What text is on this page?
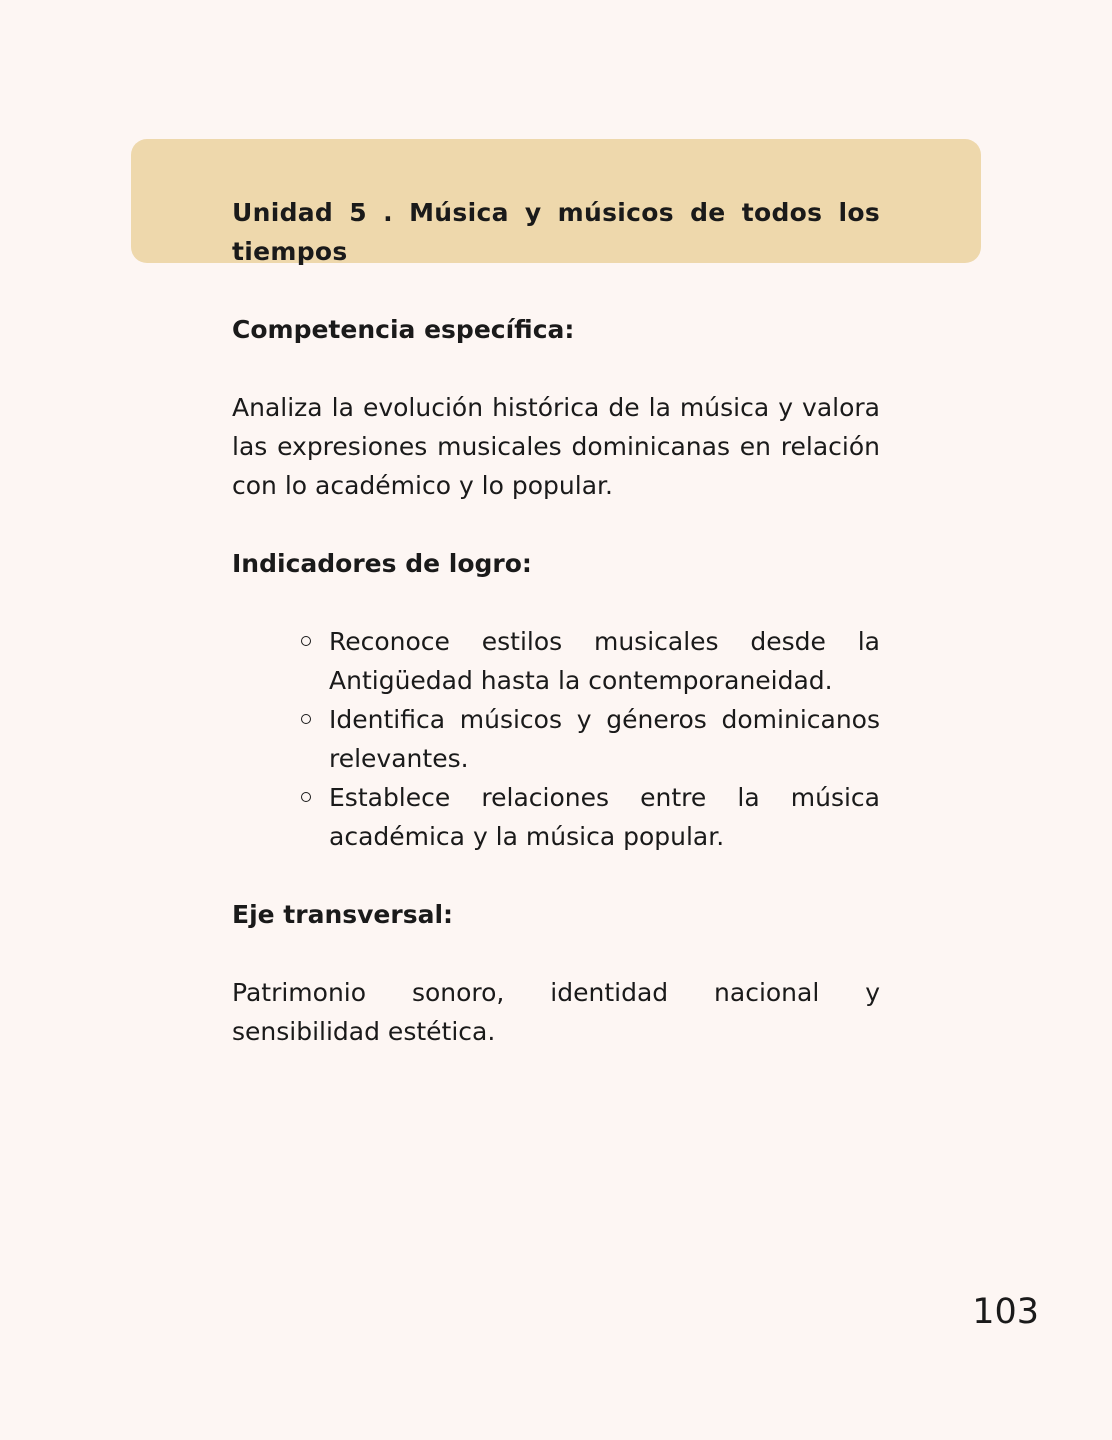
Unidad 5 . Música y músicos de todos los tiempos
Competencia específica:

Analiza la evolución histórica de la música y valora las expresiones musicales dominicanas en relación con lo académico y lo popular.

Indicadores de logro:
Reconoce estilos musicales desde la Antigüedad hasta la contemporaneidad.
Identifica músicos y géneros dominicanos relevantes.
Establece relaciones entre la música académica y la música popular.
Eje transversal:

Patrimonio sonoro, identidad nacional y sensibilidad estética.

103
